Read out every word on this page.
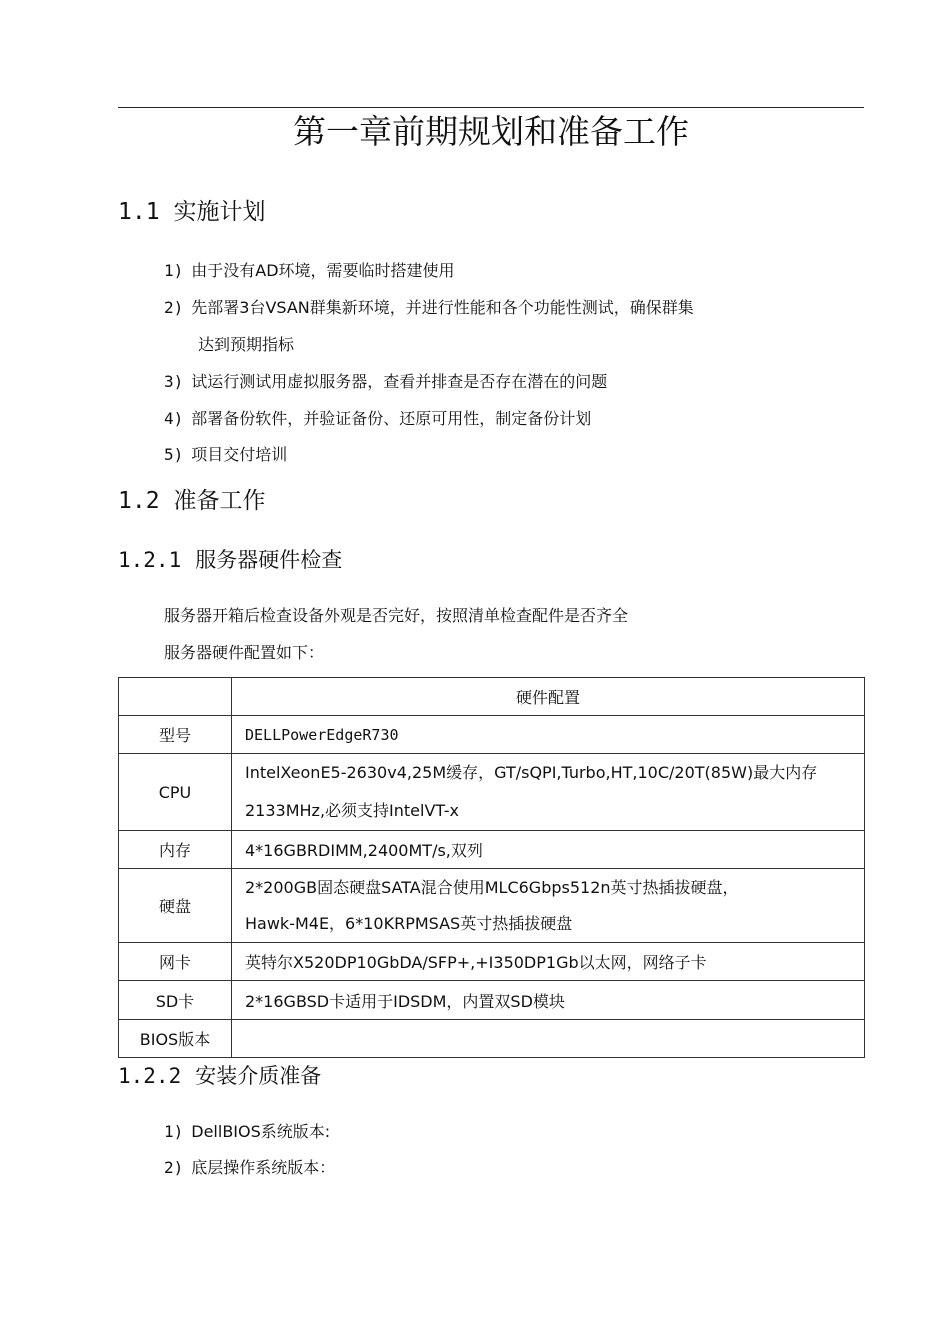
第一章前期规划和准备工作
1.1 实施计划
1) 由于没有AD环境，需要临时搭建使用
2) 先部署3台VSAN群集新环境，并进行性能和各个功能性测试，确保群集
达到预期指标
3) 试运行测试用虚拟服务器，查看并排查是否存在潜在的问题
4) 部署备份软件，并验证备份、还原可用性，制定备份计划
5) 项目交付培训
1.2 准备工作
1.2.1 服务器硬件检查
服务器开箱后检查设备外观是否完好，按照清单检查配件是否齐全
服务器硬件配置如下：
	硬件配置
型号	DELLPowerEdgeR730
CPU	IntelXeonE5-2630v4,25M缓存，GT/sQPI,Turbo,HT,10C/20T(85W)最大内存2133MHz,必须支持IntelVT-x
内存	4*16GBRDIMM,2400MT/s,双列
硬盘	2*200GB固态硬盘SATA混合使用MLC6Gbps512n英寸热插拔硬盘，
Hawk-M4E，6*10KRPMSAS英寸热插拔硬盘

网卡	英特尔X520DP10GbDA/SFP+,+I350DP1Gb以太网，网络子卡
SD卡	2*16GBSD卡适用于IDSDM，内置双SD模块
BIOS版本	
1.2.2 安装介质准备
1) DellBIOS系统版本:
2) 底层操作系统版本：
